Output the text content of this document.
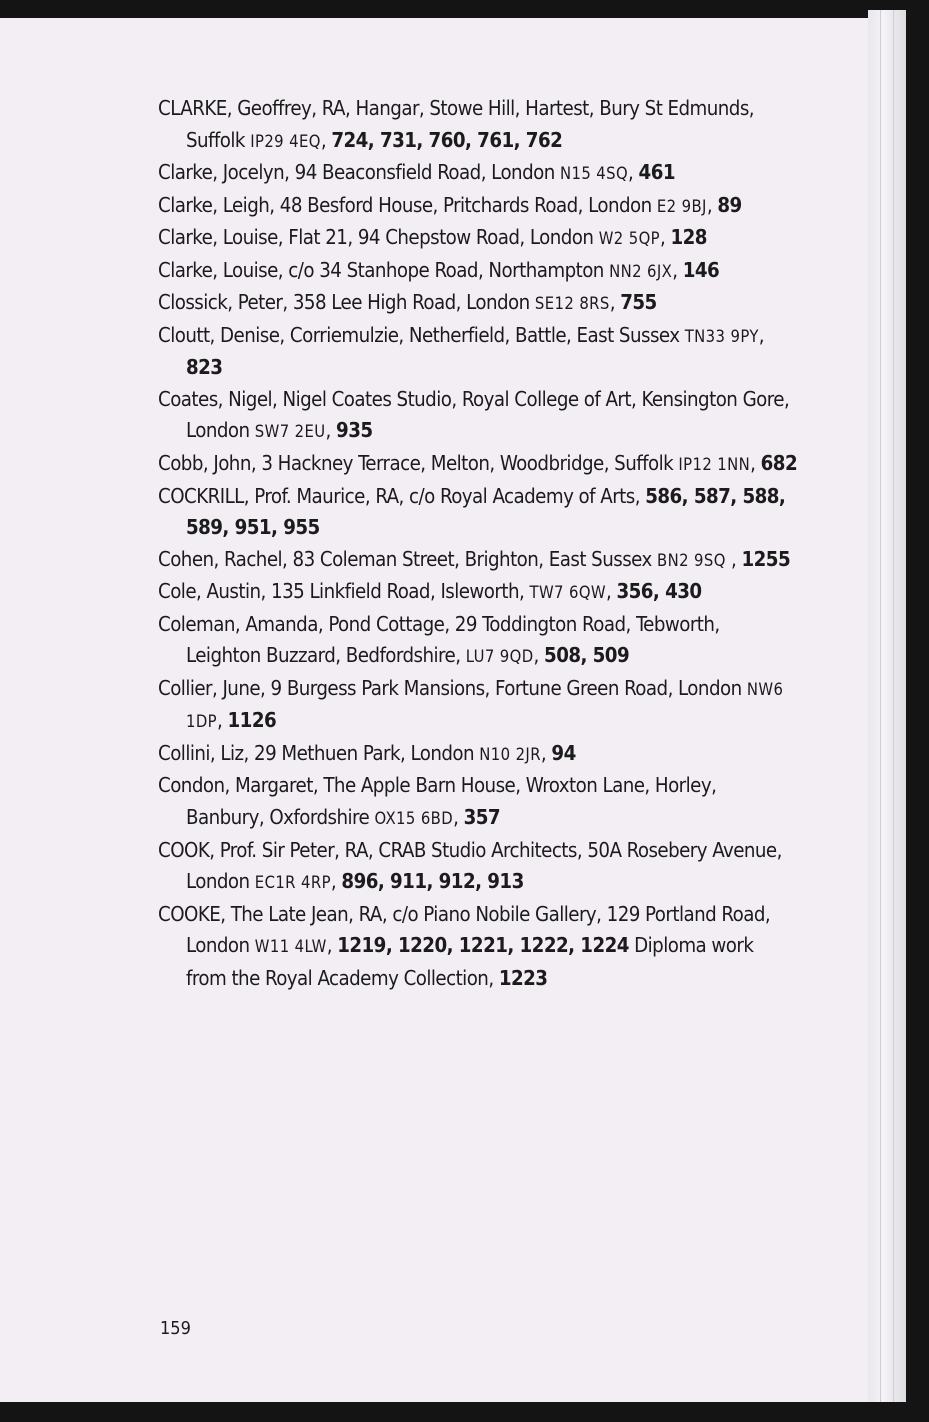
CLARKE, Geoffrey, RA, Hangar, Stowe Hill, Hartest, Bury St Edmunds, Suffolk IP29 4EQ, 724, 731, 760, 761, 762
Clarke, Jocelyn, 94 Beaconsfield Road, London N15 4SQ, 461
Clarke, Leigh, 48 Besford House, Pritchards Road, London E2 9BJ, 89
Clarke, Louise, Flat 21, 94 Chepstow Road, London W2 5QP, 128
Clarke, Louise, c/o 34 Stanhope Road, Northampton NN2 6JX, 146
Clossick, Peter, 358 Lee High Road, London SE12 8RS, 755
Cloutt, Denise, Corriemulzie, Netherfield, Battle, East Sussex TN33 9PY, 823
Coates, Nigel, Nigel Coates Studio, Royal College of Art, Kensington Gore, London SW7 2EU, 935
Cobb, John, 3 Hackney Terrace, Melton, Woodbridge, Suffolk IP12 1NN, 682
COCKRILL, Prof. Maurice, RA, c/o Royal Academy of Arts, 586, 587, 588, 589, 951, 955
Cohen, Rachel, 83 Coleman Street, Brighton, East Sussex BN2 9SQ , 1255
Cole, Austin, 135 Linkfield Road, Isleworth, TW7 6QW, 356, 430
Coleman, Amanda, Pond Cottage, 29 Toddington Road, Tebworth, Leighton Buzzard, Bedfordshire, LU7 9QD, 508, 509
Collier, June, 9 Burgess Park Mansions, Fortune Green Road, London NW6 1DP, 1126
Collini, Liz, 29 Methuen Park, London N10 2JR, 94
Condon, Margaret, The Apple Barn House, Wroxton Lane, Horley, Banbury, Oxfordshire OX15 6BD, 357
COOK, Prof. Sir Peter, RA, CRAB Studio Architects, 50A Rosebery Avenue, London EC1R 4RP, 896, 911, 912, 913
COOKE, The Late Jean, RA, c/o Piano Nobile Gallery, 129 Portland Road, London W11 4LW, 1219, 1220, 1221, 1222, 1224 Diploma work from the Royal Academy Collection, 1223
159
